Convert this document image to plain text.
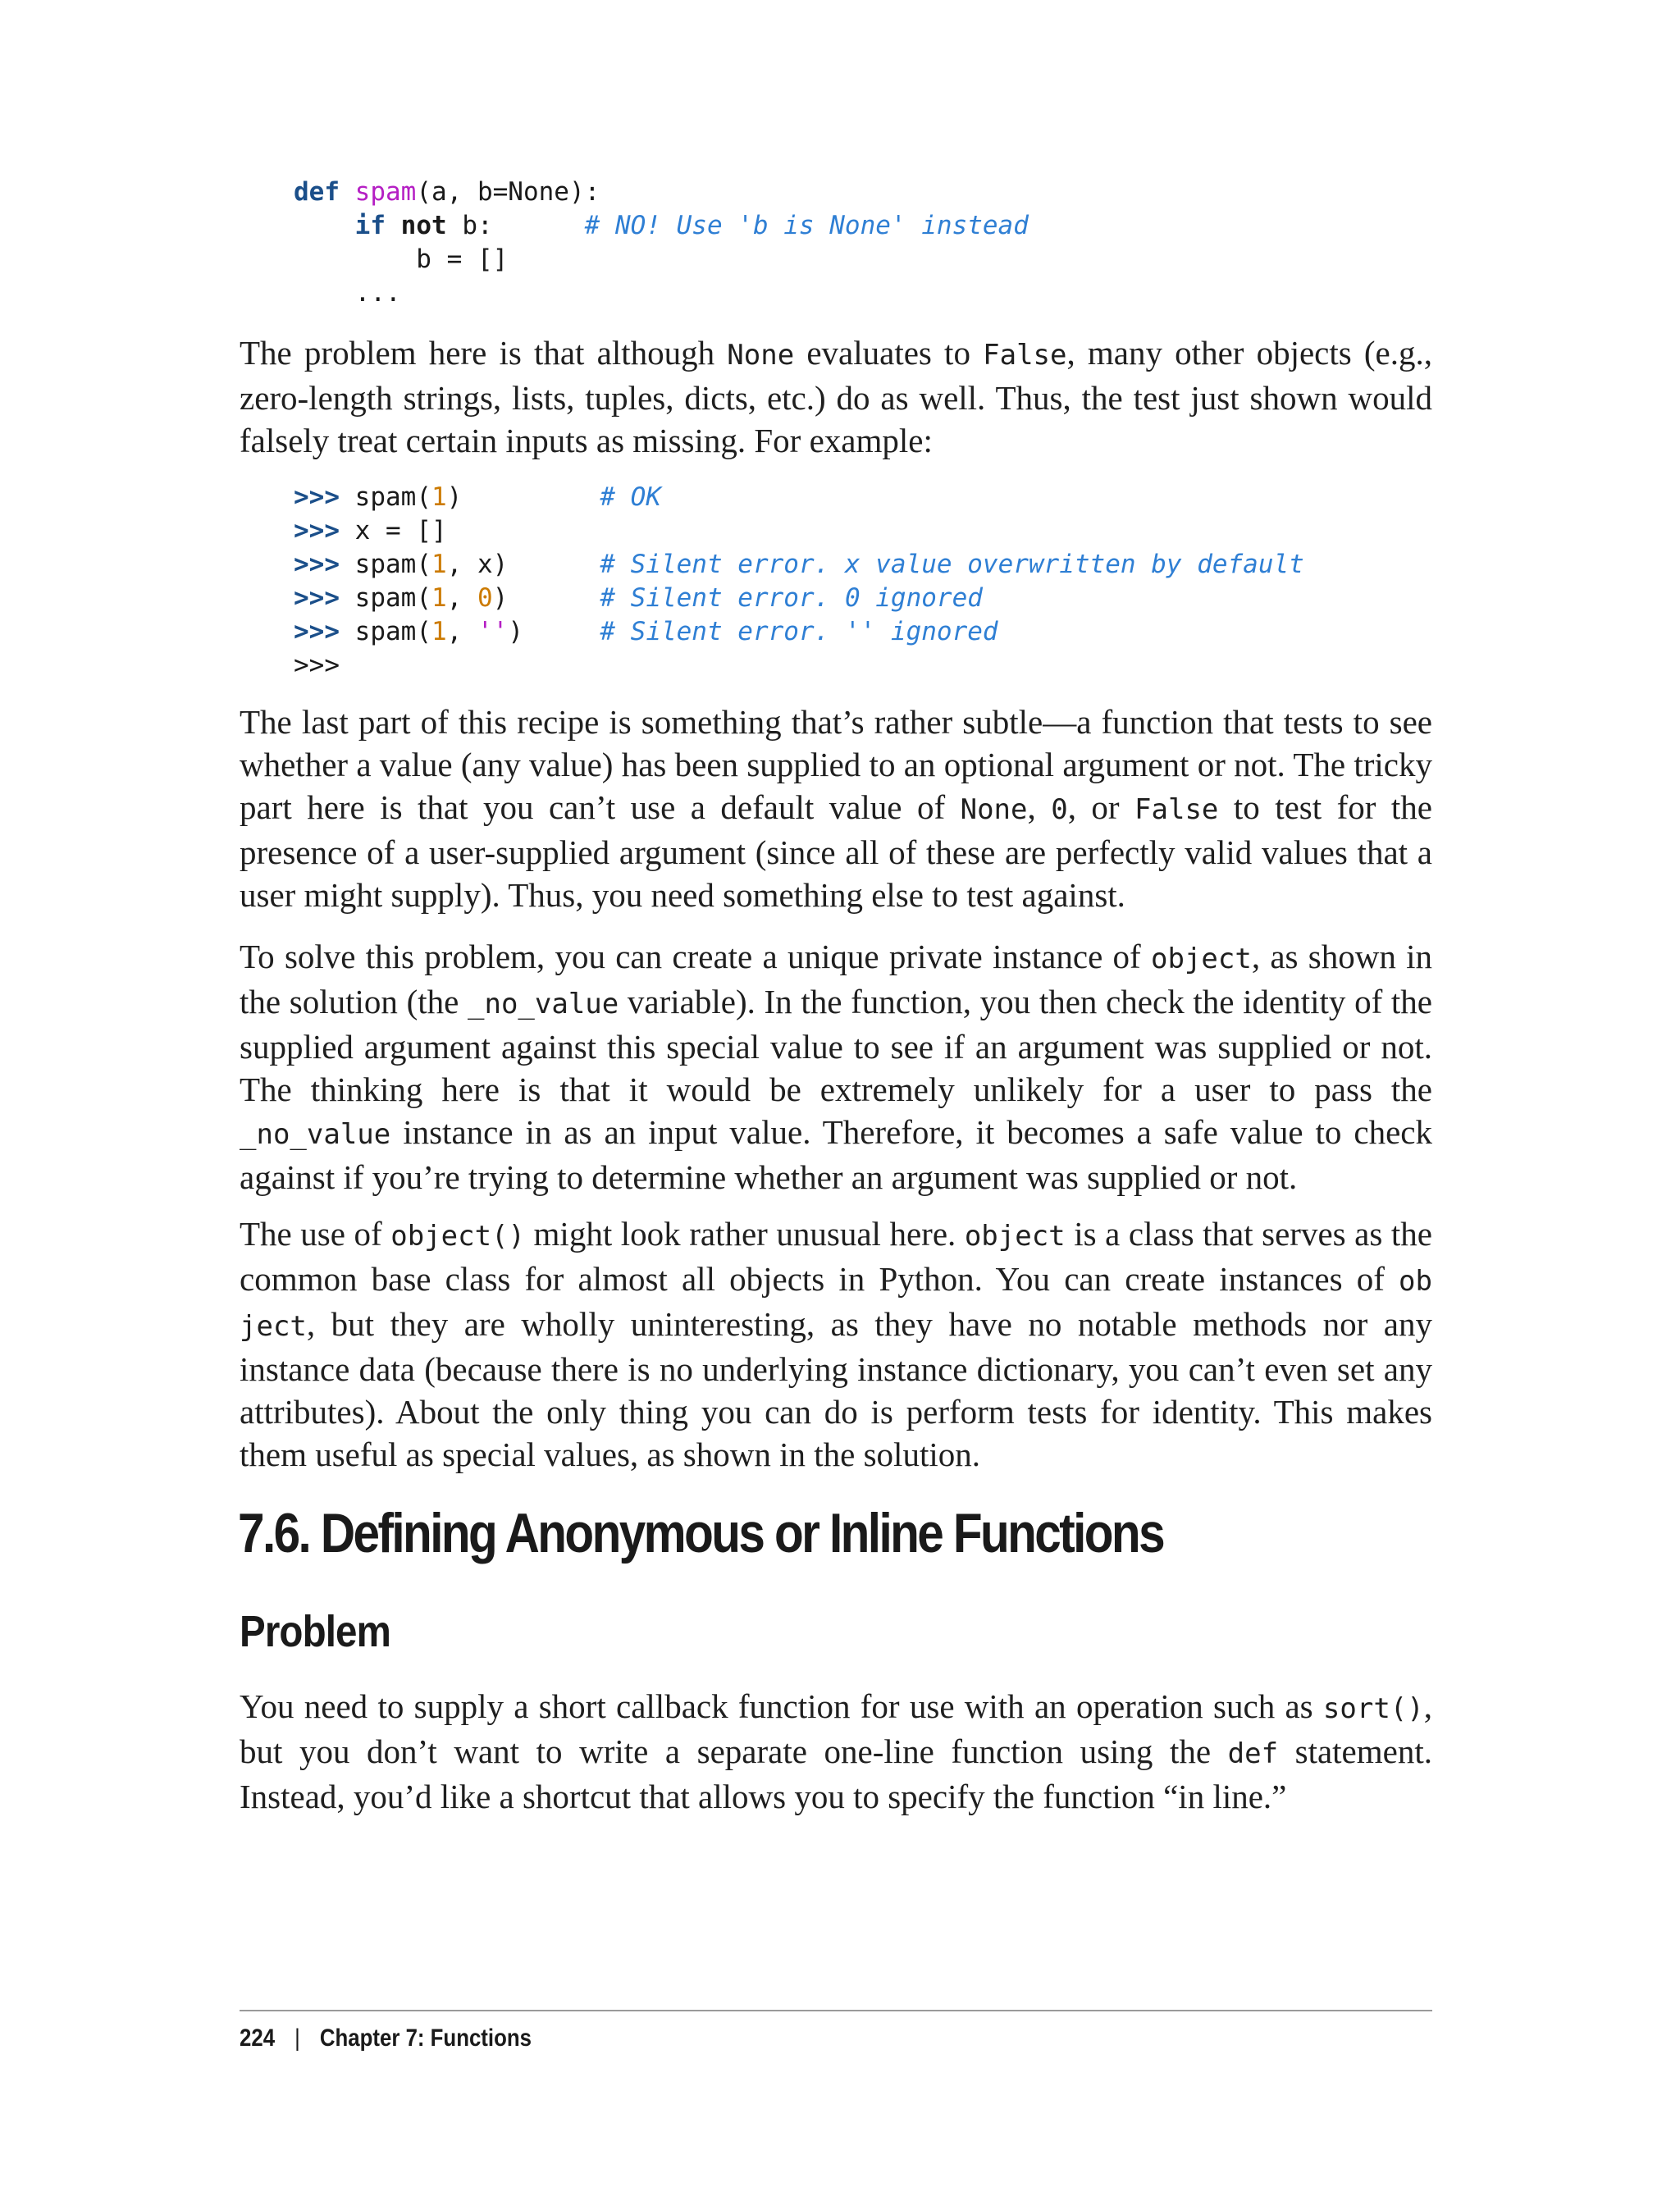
def spam(a, b=None):
if not b:	# NO! Use 'b is None' instead
b = []
...

The problem here is that although None evaluates to False, many other objects (e.g., zero-length strings, lists, tuples, dicts, etc.) do as well. Thus, the test just shown would falsely treat certain inputs as missing. For example:

>>> spam(1)	# OK
>>> x = []
>>> spam(1, x)	# Silent error. x value overwritten by default
>>> spam(1, 0)	# Silent error. 0 ignored
>>> spam(1, '')	# Silent error. '' ignored
>>>

The last part of this recipe is something that’s rather subtle—a function that tests to see whether a value (any value) has been supplied to an optional argument or not. The tricky part here is that you can’t use a default value of None, 0, or False to test for the presence of a user-supplied argument (since all of these are perfectly valid values that a user might supply). Thus, you need something else to test against.

To solve this problem, you can create a unique private instance of object, as shown in the solution (the _no_value variable). In the function, you then check the identity of the supplied argument against this special value to see if an argument was supplied or not. The thinking here is that it would be extremely unlikely for a user to pass the _no_value instance in as an input value. Therefore, it becomes a safe value to check against if you’re trying to determine whether an argument was supplied or not.

The use of object() might look rather unusual here. object is a class that serves as the common base class for almost all objects in Python. You can create instances of ob ject, but they are wholly uninteresting, as they have no notable methods nor any instance data (because there is no underlying instance dictionary, you can’t even set any attributes). About the only thing you can do is perform tests for identity. This makes them useful as special values, as shown in the solution.

7.6. Defining Anonymous or Inline Functions
Problem

You need to supply a short callback function for use with an operation such as sort(), but you don’t want to write a separate one-line function using the def statement. Instead, you’d like a shortcut that allows you to specify the function “in line.”

224 | Chapter 7: Functions
